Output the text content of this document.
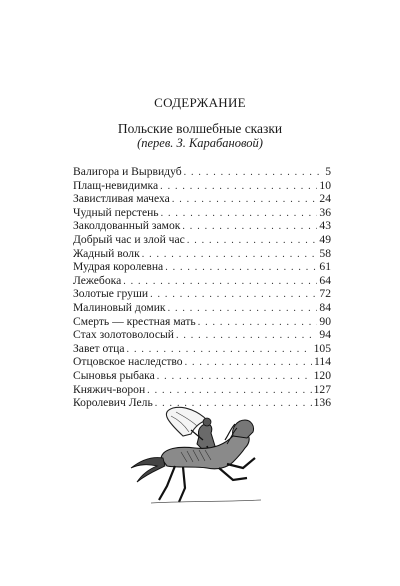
СОДЕРЖАНИЕ
Польские волшебные сказки
(перев. З. Карабановой)
Валигора и Вырвидуб . . .	5
Плащ-невидимка . . .	10
Завистливая мачеха . . .	24
Чудный перстень . . .	36
Заколдованный замок . . .	43
Добрый час и злой час . . .	49
Жадный волк . . .	58
Мудрая королевна . . .	61
Лежебока . . .	64
Золотые груши . . .	72
Малиновый домик . . .	84
Смерть — крестная мать . . .	90
Стах золотоволосый . . .	94
Завет отца . . .	105
Отцовское наследство . . .	114
Сыновья рыбака . . .	120
Княжич-ворон . . .	127
Королевич Лель . . .	136
